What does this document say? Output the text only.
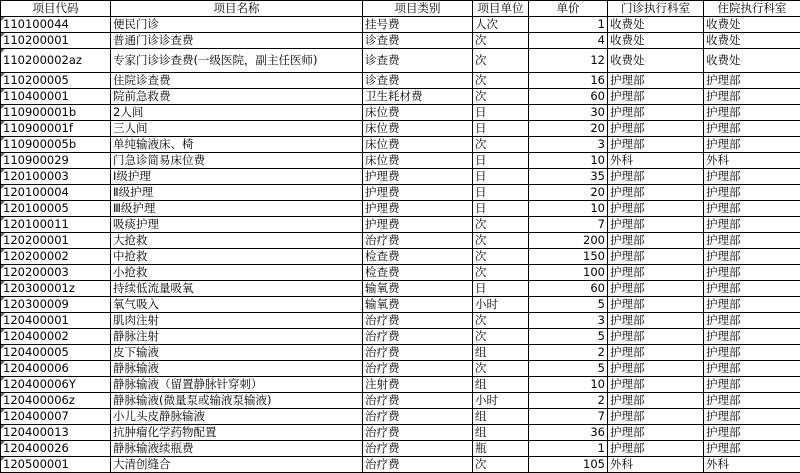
项目代码	项目名称	项目类别	项目单位	单价	门诊执行科室	住院执行科室
110100044	便民门诊	挂号费	人次	1	收费处	收费处
110200001	普通门诊诊查费	诊查费	次	4	收费处	收费处
110200002az	专家门诊诊查费(一级医院，副主任医师)	诊查费	次	12	收费处	收费处
110200005	住院诊查费	诊查费	次	16	护理部	护理部
110400001	院前急救费	卫生耗材费	次	60	护理部	护理部
110900001b	2人间	床位费	日	30	护理部	护理部
110900001f	三人间	床位费	日	20	护理部	护理部
110900005b	单纯输液床、椅	床位费	次	3	护理部	护理部
110900029	门急诊简易床位费	床位费	日	10	外科	外科
120100003	Ⅰ级护理	护理费	日	35	护理部	护理部
120100004	Ⅱ级护理	护理费	日	20	护理部	护理部
120100005	Ⅲ级护理	护理费	日	10	护理部	护理部
120100011	吸痰护理	护理费	次	7	护理部	护理部
120200001	大抢救	治疗费	次	200	护理部	护理部
120200002	中抢救	检查费	次	150	护理部	护理部
120200003	小抢救	检查费	次	100	护理部	护理部
120300001z	持续低流量吸氧	输氧费	日	60	护理部	护理部
120300009	氧气吸入	输氧费	小时	5	护理部	护理部
120400001	肌肉注射	治疗费	次	3	护理部	护理部
120400002	静脉注射	治疗费	次	5	护理部	护理部
120400005	皮下输液	治疗费	组	2	护理部	护理部
120400006	静脉输液	治疗费	次	5	护理部	护理部
120400006Y	静脉输液（留置静脉针穿刺）	注射费	组	10	护理部	护理部
120400006z	静脉输液(微量泵或输液泵输液)	治疗费	小时	2	护理部	护理部
120400007	小儿头皮静脉输液	治疗费	组	7	护理部	护理部
120400013	抗肿瘤化学药物配置	治疗费	组	36	护理部	护理部
120400026	静脉输液续瓶费	治疗费	瓶	1	护理部	护理部
120500001	大清创缝合	治疗费	次	105	外科	外科
